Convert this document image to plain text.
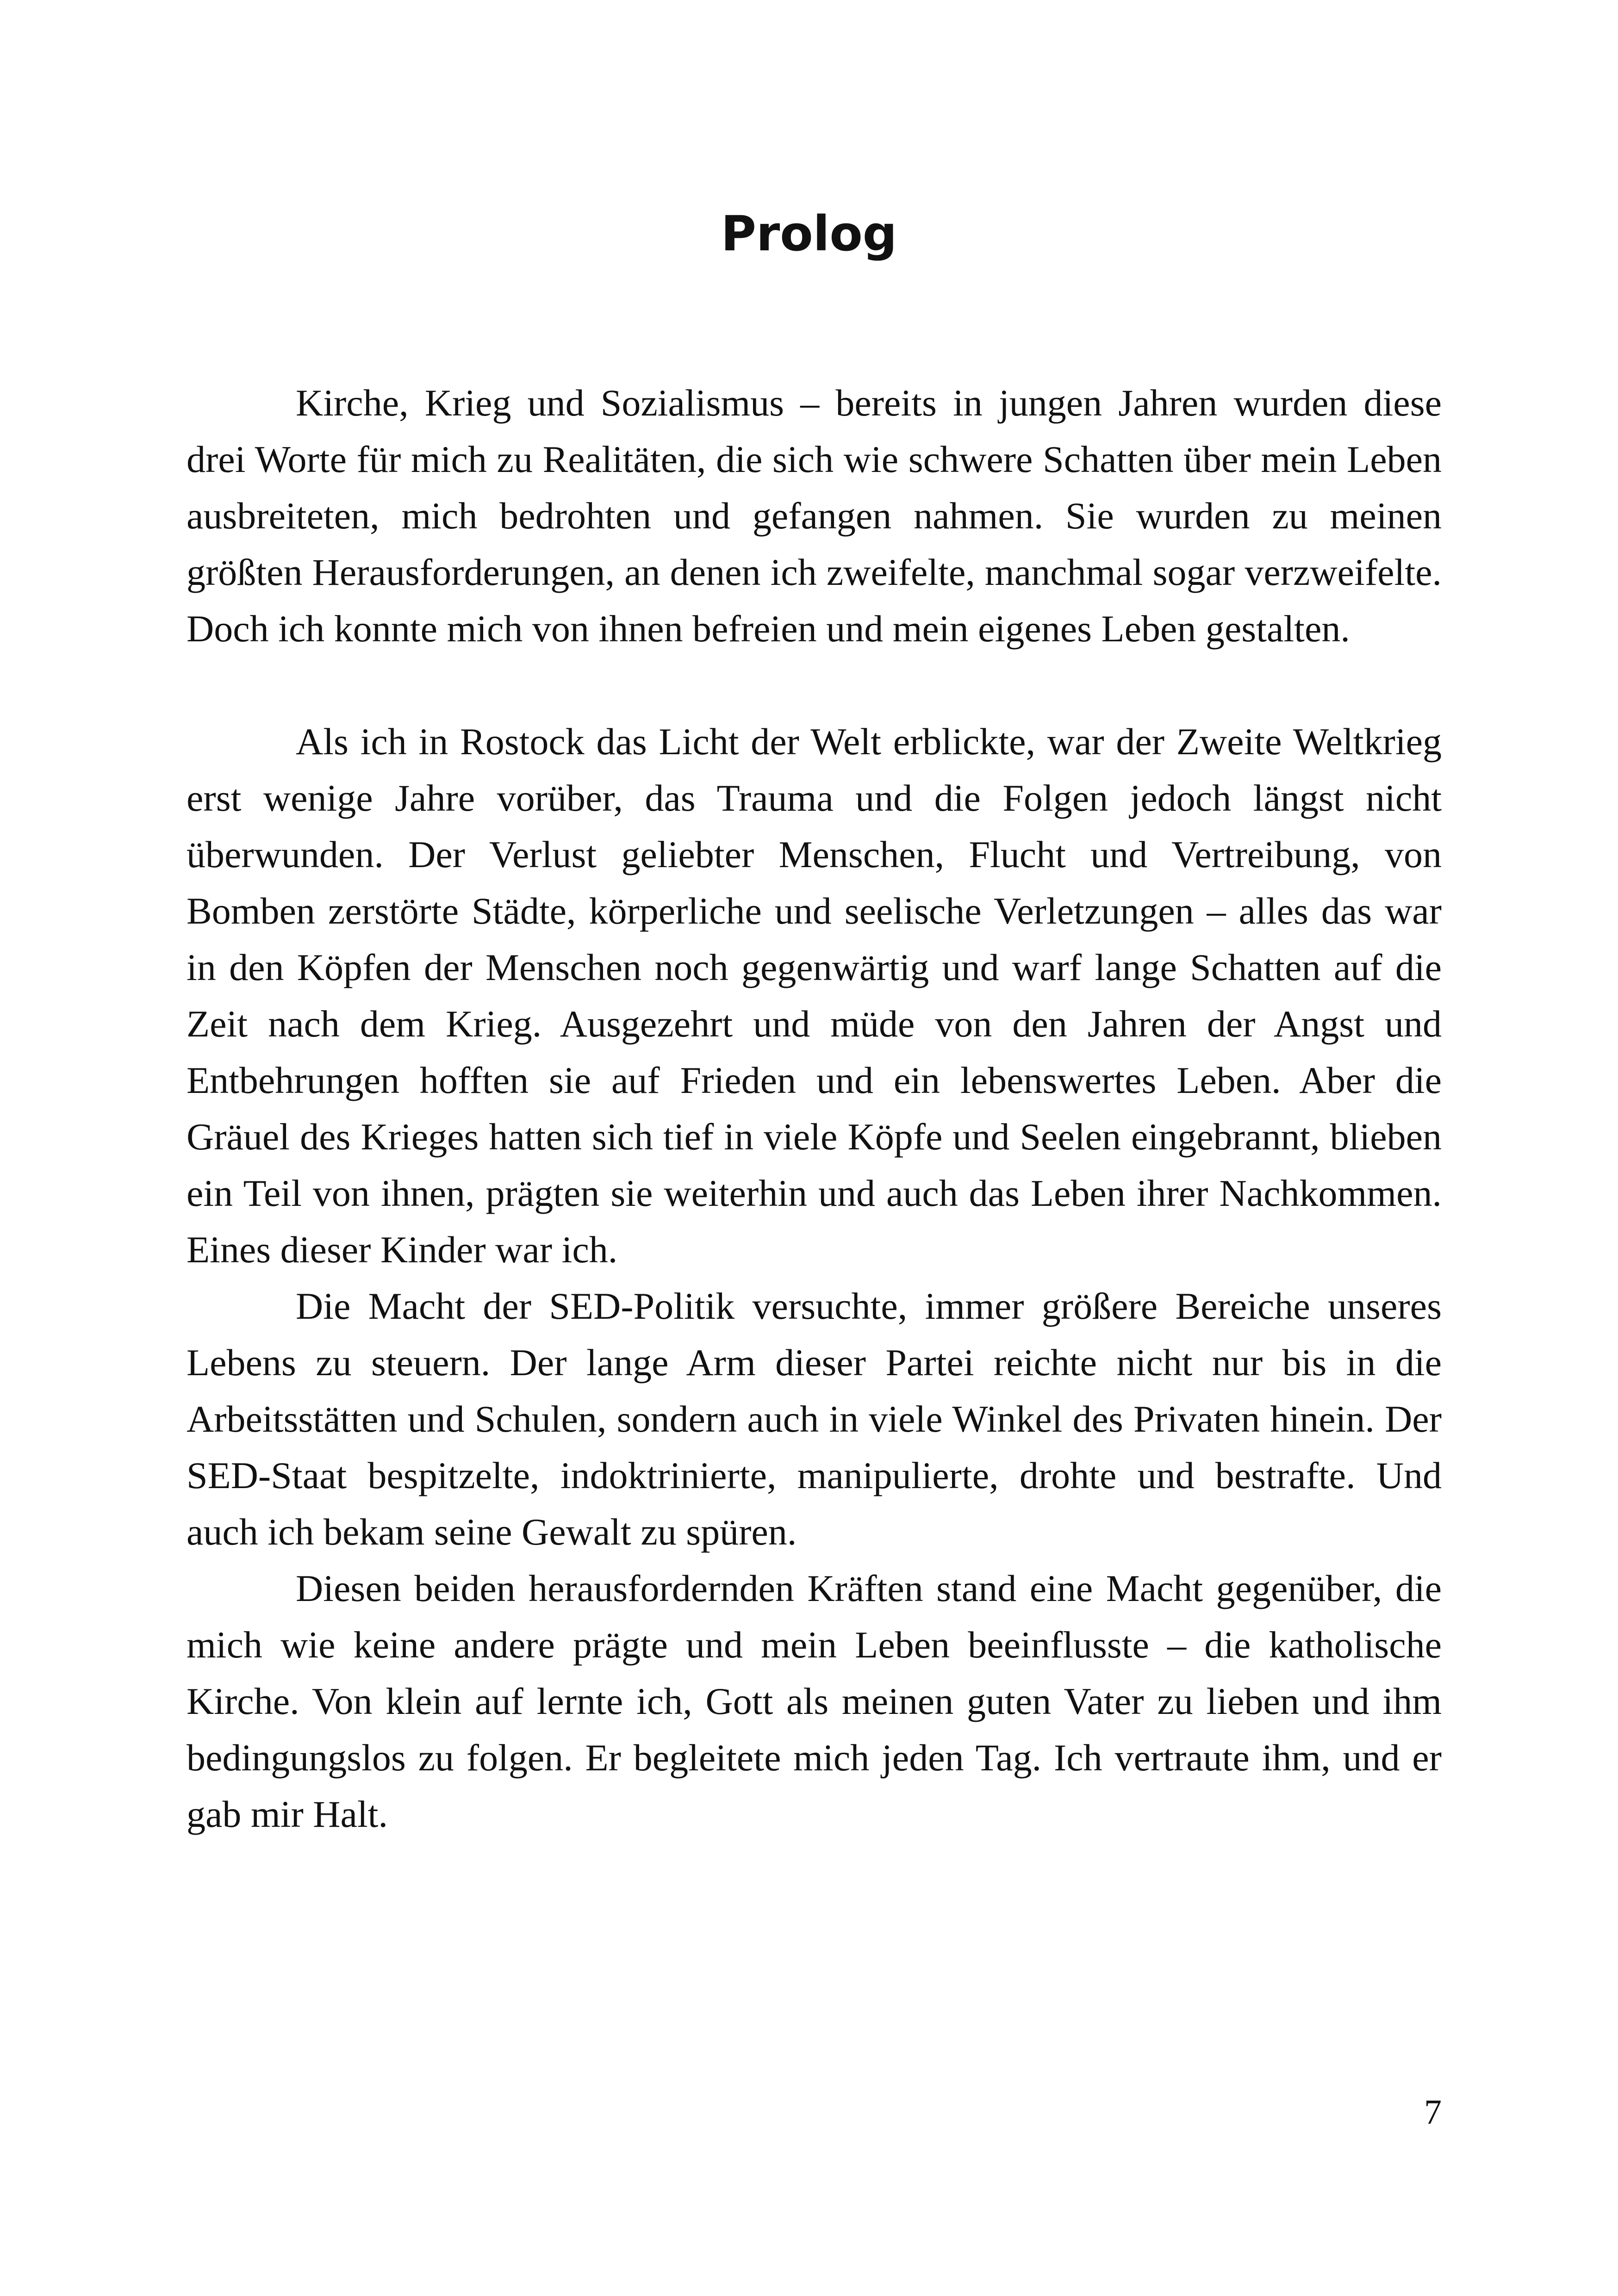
Prolog

Kirche, Krieg und Sozialismus – bereits in jungen Jahren wurden diese drei Worte für mich zu Realitäten, die sich wie schwere Schatten über mein Leben ausbreiteten, mich bedrohten und gefangen nahmen. Sie wurden zu meinen größten Herausforderungen, an denen ich zweifelte, manchmal sogar verzweifelte. Doch ich konnte mich von ihnen befreien und mein eigenes Leben gestalten.

Als ich in Rostock das Licht der Welt erblickte, war der Zweite Weltkrieg erst wenige Jahre vorüber, das Trauma und die Folgen jedoch längst nicht überwunden. Der Verlust geliebter Menschen, Flucht und Vertreibung, von Bomben zerstörte Städte, körperliche und seelische Verletzungen – alles das war in den Köpfen der Menschen noch gegenwärtig und warf lange Schatten auf die Zeit nach dem Krieg. Ausgezehrt und müde von den Jahren der Angst und Entbehrungen hofften sie auf Frieden und ein lebenswertes Leben. Aber die Gräuel des Krieges hatten sich tief in viele Köpfe und Seelen eingebrannt, blieben ein Teil von ihnen, prägten sie weiterhin und auch das Leben ihrer Nachkommen. Eines dieser Kinder war ich.

Die Macht der SED-Politik versuchte, immer größere Bereiche unseres Lebens zu steuern. Der lange Arm dieser Partei reichte nicht nur bis in die Arbeitsstätten und Schulen, sondern auch in viele Winkel des Privaten hinein. Der SED-Staat bespitzelte, indoktrinierte, manipulierte, drohte und bestrafte. Und auch ich bekam seine Gewalt zu spüren.

Diesen beiden herausfordernden Kräften stand eine Macht gegenüber, die mich wie keine andere prägte und mein Leben beeinflusste – die katholische Kirche. Von klein auf lernte ich, Gott als meinen guten Vater zu lieben und ihm bedingungslos zu folgen. Er begleitete mich jeden Tag. Ich vertraute ihm, und er gab mir Halt.

7
